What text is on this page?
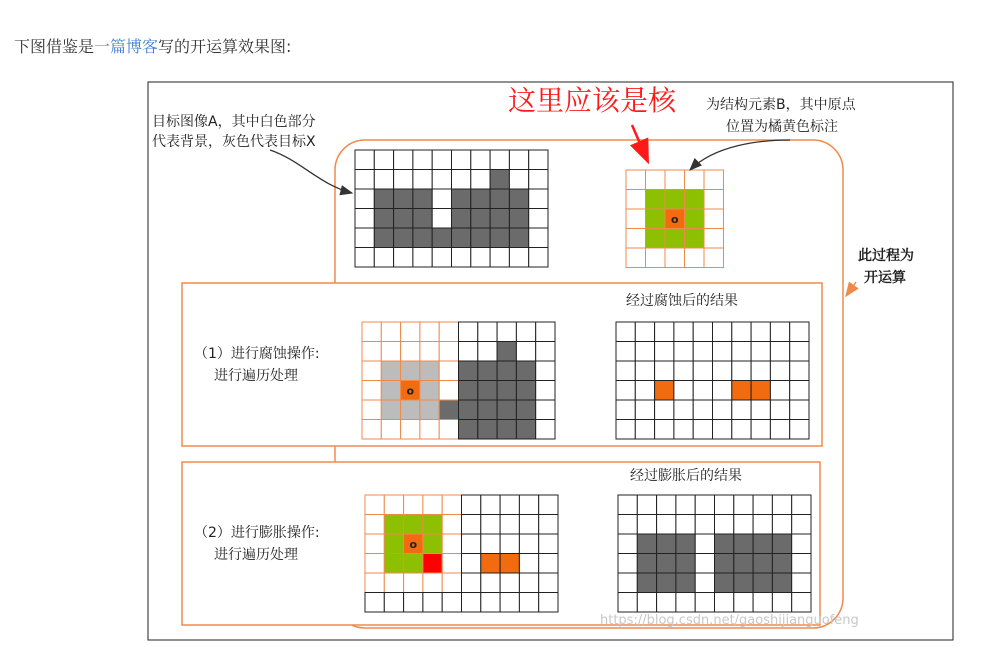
下图借鉴是一篇博客写的开运算效果图:
o
o
o
目标图像A，其中白色部分
代表背景，灰色代表目标X
为结构元素B，其中原点
位置为橘黄色标注
这里应该是核
此过程为
开运算
经过腐蚀后的结果
（1）进行腐蚀操作:
进行遍历处理
经过膨胀后的结果
（2）进行膨胀操作:
进行遍历处理
https://blog.csdn.net/gaoshijianguofeng
